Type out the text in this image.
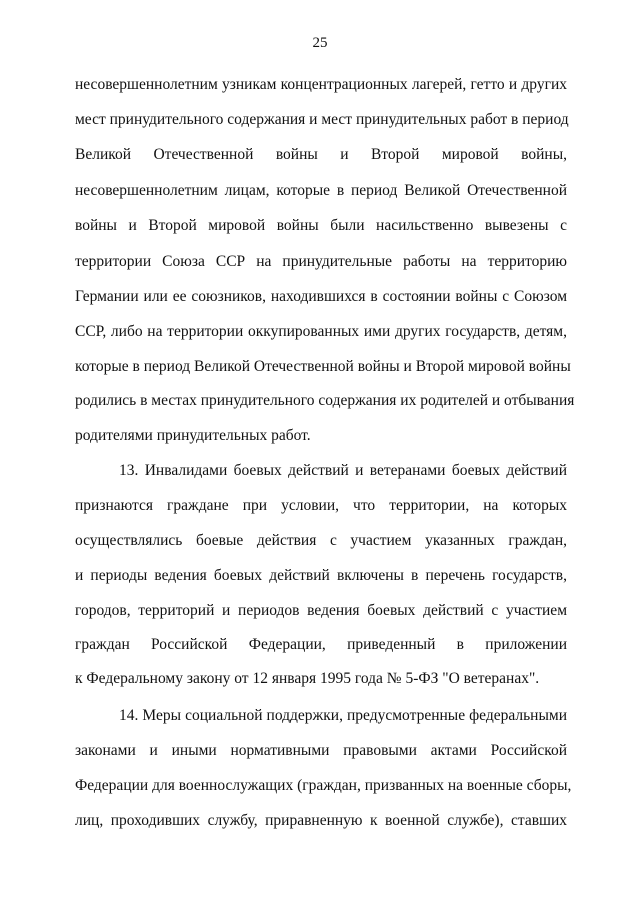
25
несовершеннолетним узникам концентрационных лагерей, гетто и других
мест принудительного содержания и мест принудительных работ в период
Великой Отечественной войны и Второй мировой войны,
несовершеннолетним лицам, которые в период Великой Отечественной
войны и Второй мировой войны были насильственно вывезены с
территории Союза ССР на принудительные работы на территорию
Германии или ее союзников, находившихся в состоянии войны с Союзом
ССР, либо на территории оккупированных ими других государств, детям,
которые в период Великой Отечественной войны и Второй мировой войны
родились в местах принудительного содержания их родителей и отбывания
родителями принудительных работ.
13. Инвалидами боевых действий и ветеранами боевых действий
признаются граждане при условии, что территории, на которых
осуществлялись боевые действия с участием указанных граждан,
и периоды ведения боевых действий включены в перечень государств,
городов, территорий и периодов ведения боевых действий с участием
граждан Российской Федерации, приведенный в приложении
к Федеральному закону от 12 января 1995 года № 5-ФЗ "О ветеранах".
14. Меры социальной поддержки, предусмотренные федеральными
законами и иными нормативными правовыми актами Российской
Федерации для военнослужащих (граждан, призванных на военные сборы,
лиц, проходивших службу, приравненную к военной службе), ставших
